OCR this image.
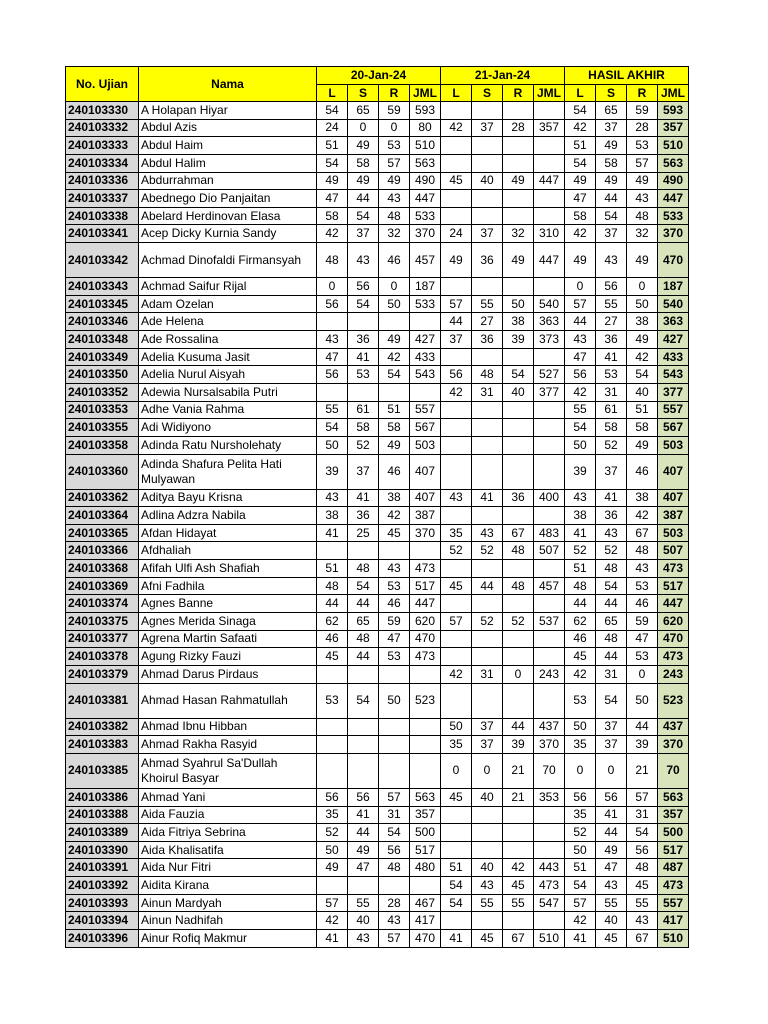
No. Ujian	Nama	20-Jan-24				21-Jan-24				HASIL AKHIR			
		L	S	R	JML	L	S	R	JML	L	S	R	JML
240103330	A Holapan Hiyar	54	65	59	593					54	65	59	593
240103332	Abdul Azis	24	0	0	80	42	37	28	357	42	37	28	357
240103333	Abdul Haim	51	49	53	510					51	49	53	510
240103334	Abdul Halim	54	58	57	563					54	58	57	563
240103336	Abdurrahman	49	49	49	490	45	40	49	447	49	49	49	490
240103337	Abednego Dio Panjaitan	47	44	43	447					47	44	43	447
240103338	Abelard Herdinovan Elasa	58	54	48	533					58	54	48	533
240103341	Acep Dicky Kurnia Sandy	42	37	32	370	24	37	32	310	42	37	32	370
240103342	Achmad Dinofaldi Firmansyah	48	43	46	457	49	36	49	447	49	43	49	470
240103343	Achmad Saifur Rijal	0	56	0	187					0	56	0	187
240103345	Adam Ozelan	56	54	50	533	57	55	50	540	57	55	50	540
240103346	Ade Helena					44	27	38	363	44	27	38	363
240103348	Ade Rossalina	43	36	49	427	37	36	39	373	43	36	49	427
240103349	Adelia Kusuma Jasit	47	41	42	433					47	41	42	433
240103350	Adelia Nurul Aisyah	56	53	54	543	56	48	54	527	56	53	54	543
240103352	Adewia Nursalsabila Putri					42	31	40	377	42	31	40	377
240103353	Adhe Vania Rahma	55	61	51	557					55	61	51	557
240103355	Adi Widiyono	54	58	58	567					54	58	58	567
240103358	Adinda Ratu Nursholehaty	50	52	49	503					50	52	49	503
240103360	Adinda Shafura Pelita Hati Mulyawan	39	37	46	407					39	37	46	407
240103362	Aditya Bayu Krisna	43	41	38	407	43	41	36	400	43	41	38	407
240103364	Adlina Adzra Nabila	38	36	42	387					38	36	42	387
240103365	Afdan Hidayat	41	25	45	370	35	43	67	483	41	43	67	503
240103366	Afdhaliah					52	52	48	507	52	52	48	507
240103368	Afifah Ulfi Ash Shafiah	51	48	43	473					51	48	43	473
240103369	Afni Fadhila	48	54	53	517	45	44	48	457	48	54	53	517
240103374	Agnes Banne	44	44	46	447					44	44	46	447
240103375	Agnes Merida Sinaga	62	65	59	620	57	52	52	537	62	65	59	620
240103377	Agrena Martin Safaati	46	48	47	470					46	48	47	470
240103378	Agung Rizky Fauzi	45	44	53	473					45	44	53	473
240103379	Ahmad Darus Pirdaus					42	31	0	243	42	31	0	243
240103381	Ahmad Hasan Rahmatullah	53	54	50	523					53	54	50	523
240103382	Ahmad Ibnu Hibban					50	37	44	437	50	37	44	437
240103383	Ahmad Rakha Rasyid					35	37	39	370	35	37	39	370
240103385	Ahmad Syahrul Sa'Dullah Khoirul Basyar					0	0	21	70	0	0	21	70
240103386	Ahmad Yani	56	56	57	563	45	40	21	353	56	56	57	563
240103388	Aida Fauzia	35	41	31	357					35	41	31	357
240103389	Aida Fitriya Sebrina	52	44	54	500					52	44	54	500
240103390	Aida Khalisatifa	50	49	56	517					50	49	56	517
240103391	Aida Nur Fitri	49	47	48	480	51	40	42	443	51	47	48	487
240103392	Aidita Kirana					54	43	45	473	54	43	45	473
240103393	Ainun Mardyah	57	55	28	467	54	55	55	547	57	55	55	557
240103394	Ainun Nadhifah	42	40	43	417					42	40	43	417
240103396	Ainur Rofiq Makmur	41	43	57	470	41	45	67	510	41	45	67	510
